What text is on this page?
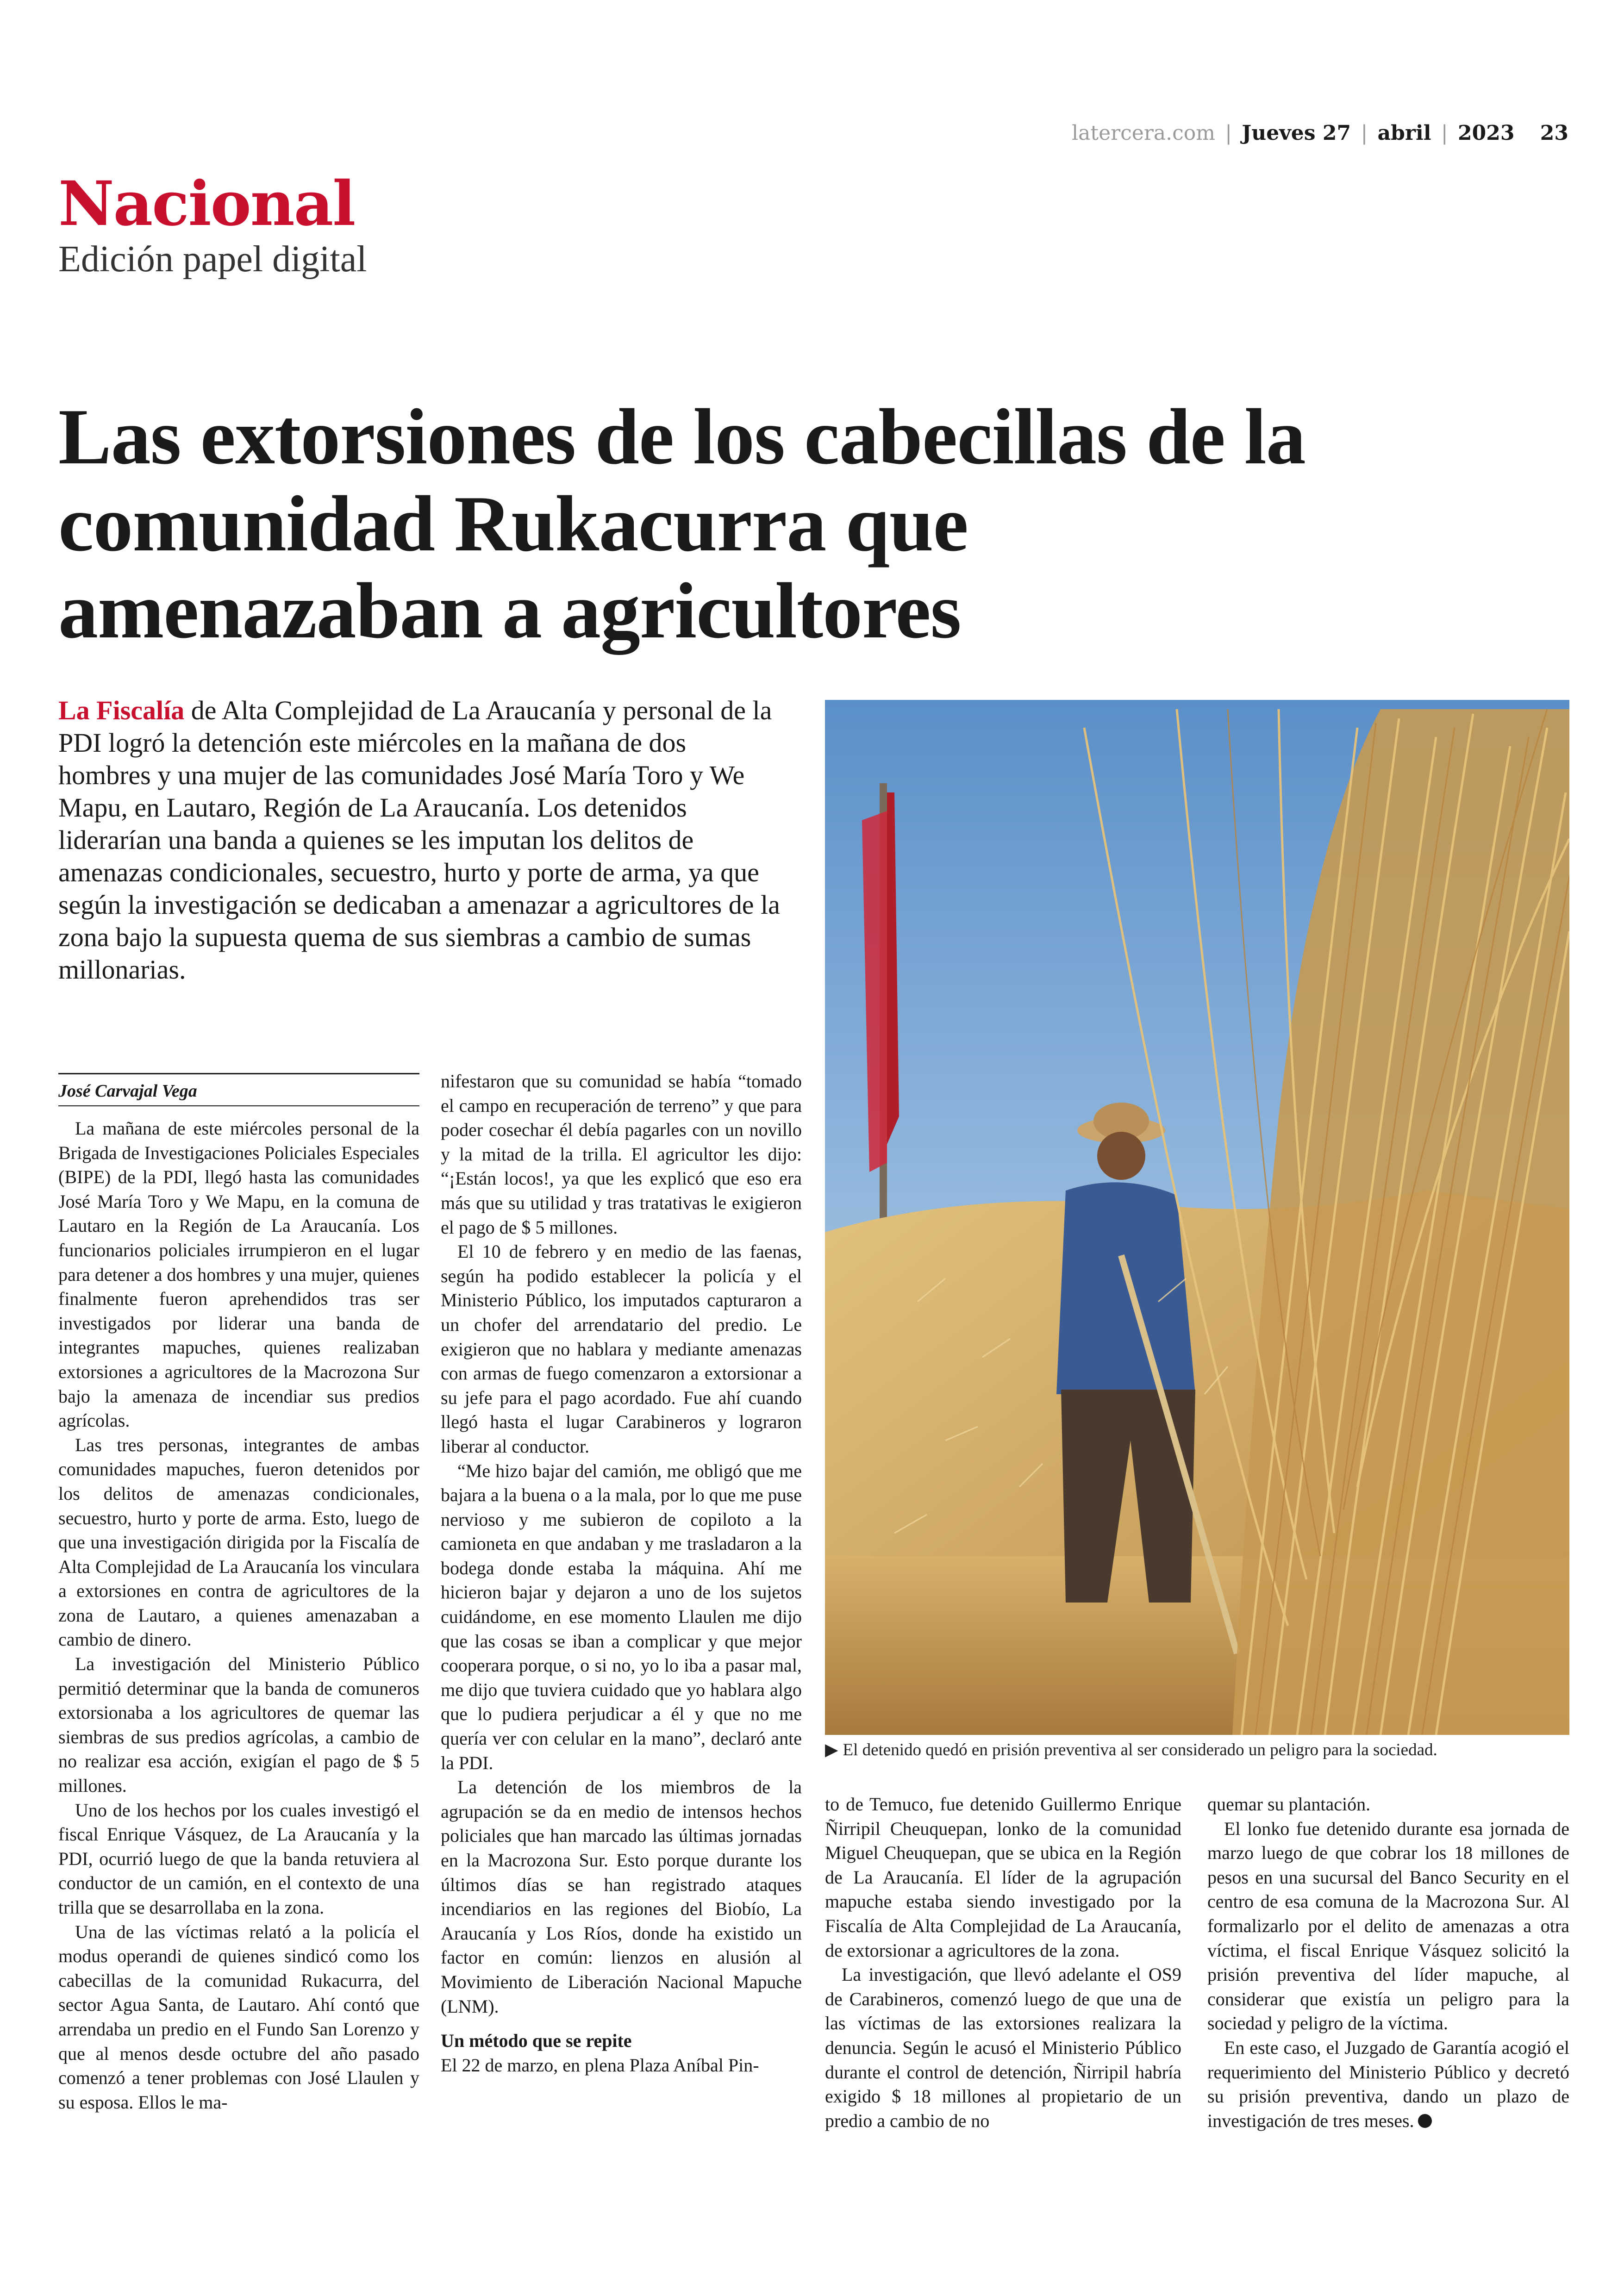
latercera.com | Jueves 27 | abril | 2023 23
Nacional
Edición papel digital
Las extorsiones de los cabecillas de la comunidad Rukacurra que amenazaban a agricultores
La Fiscalía de Alta Complejidad de La Araucanía y personal de la PDI logró la detención este miércoles en la mañana de dos hombres y una mujer de las comunidades José María Toro y We Mapu, en Lautaro, Región de La Araucanía. Los detenidos liderarían una banda a quienes se les imputan los delitos de amenazas condicionales, secuestro, hurto y porte de arma, ya que según la investigación se dedicaban a amenazar a agricultores de la zona bajo la supuesta quema de sus siembras a cambio de sumas millonarias.
▶ El detenido quedó en prisión preventiva al ser considerado un peligro para la sociedad.
José Carvajal Vega

La mañana de este miércoles personal de la Brigada de Investigaciones Policiales Especiales (BIPE) de la PDI, llegó hasta las comunidades José María Toro y We Mapu, en la comuna de Lautaro en la Región de La Araucanía. Los funcionarios policiales irrumpieron en el lugar para detener a dos hombres y una mujer, quienes finalmente fueron aprehendidos tras ser investigados por liderar una banda de integrantes mapuches, quienes realizaban extorsiones a agricultores de la Macrozona Sur bajo la amenaza de incendiar sus predios agrícolas.

Las tres personas, integrantes de ambas comunidades mapuches, fueron detenidos por los delitos de amenazas condicionales, secuestro, hurto y porte de arma. Esto, luego de que una investigación dirigida por la Fiscalía de Alta Complejidad de La Araucanía los vinculara a extorsiones en contra de agricultores de la zona de Lautaro, a quienes amenazaban a cambio de dinero.

La investigación del Ministerio Público permitió determinar que la banda de comuneros extorsionaba a los agricultores de quemar las siembras de sus predios agrícolas, a cambio de no realizar esa acción, exigían el pago de $ 5 millones.

Uno de los hechos por los cuales investigó el fiscal Enrique Vásquez, de La Araucanía y la PDI, ocurrió luego de que la banda retuviera al conductor de un camión, en el contexto de una trilla que se desarrollaba en la zona.

Una de las víctimas relató a la policía el modus operandi de quienes sindicó como los cabecillas de la comunidad Rukacurra, del sector Agua Santa, de Lautaro. Ahí contó que arrendaba un predio en el Fundo San Lorenzo y que al menos desde octubre del año pasado comenzó a tener problemas con José Llaulen y su esposa. Ellos le ma-

nifestaron que su comunidad se había “tomado el campo en recuperación de terreno” y que para poder cosechar él debía pagarles con un novillo y la mitad de la trilla. El agricultor les dijo: “¡Están locos!, ya que les explicó que eso era más que su utilidad y tras tratativas le exigieron el pago de $ 5 millones.

El 10 de febrero y en medio de las faenas, según ha podido establecer la policía y el Ministerio Público, los imputados capturaron a un chofer del arrendatario del predio. Le exigieron que no hablara y mediante amenazas con armas de fuego comenzaron a extorsionar a su jefe para el pago acordado. Fue ahí cuando llegó hasta el lugar Carabineros y lograron liberar al conductor.

“Me hizo bajar del camión, me obligó que me bajara a la buena o a la mala, por lo que me puse nervioso y me subieron de copiloto a la camioneta en que andaban y me trasladaron a la bodega donde estaba la máquina. Ahí me hicieron bajar y dejaron a uno de los sujetos cuidándome, en ese momento Llaulen me dijo que las cosas se iban a complicar y que mejor cooperara porque, o si no, yo lo iba a pasar mal, me dijo que tuviera cuidado que yo hablara algo que lo pudiera perjudicar a él y que no me quería ver con celular en la mano”, declaró ante la PDI.

La detención de los miembros de la agrupación se da en medio de intensos hechos policiales que han marcado las últimas jornadas en la Macrozona Sur. Esto porque durante los últimos días se han registrado ataques incendiarios en las regiones del Biobío, La Araucanía y Los Ríos, donde ha existido un factor en común: lienzos en alusión al Movimiento de Liberación Nacional Mapuche (LNM).

Un método que se repite

El 22 de marzo, en plena Plaza Aníbal Pin-

to de Temuco, fue detenido Guillermo Enrique Ñirripil Cheuquepan, lonko de la comunidad Miguel Cheuquepan, que se ubica en la Región de La Araucanía. El líder de la agrupación mapuche estaba siendo investigado por la Fiscalía de Alta Complejidad de La Araucanía, de extorsionar a agricultores de la zona.

La investigación, que llevó adelante el OS9 de Carabineros, comenzó luego de que una de las víctimas de las extorsiones realizara la denuncia. Según le acusó el Ministerio Público durante el control de detención, Ñirripil habría exigido $ 18 millones al propietario de un predio a cambio de no

quemar su plantación.

El lonko fue detenido durante esa jornada de marzo luego de que cobrar los 18 millones de pesos en una sucursal del Banco Security en el centro de esa comuna de la Macrozona Sur. Al formalizarlo por el delito de amenazas a otra víctima, el fiscal Enrique Vásquez solicitó la prisión preventiva del líder mapuche, al considerar que existía un peligro para la sociedad y peligro de la víctima.

En este caso, el Juzgado de Garantía acogió el requerimiento del Ministerio Público y decretó su prisión preventiva, dando un plazo de investigación de tres meses.
